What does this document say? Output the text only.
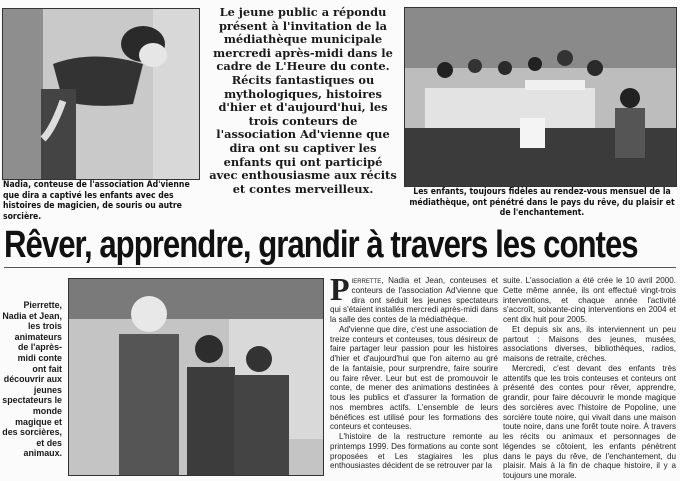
Nadia, conteuse de l'association Ad'vienne que dira a captivé les enfants avec des histoires de magicien, de souris ou autre sorcière.

Le jeune public a répondu présent à l'invitation de la médiathèque municipale mercredi après-midi dans le cadre de L'Heure du conte. Récits fantastiques ou mythologiques, histoires d'hier et d'aujourd'hui, les trois conteurs de l'association Ad'vienne que dira ont su captiver les enfants qui ont participé avec enthousiasme aux récits et contes merveilleux.	Les enfants, toujours fidèles au rendez-vous mensuel de la médiathèque, ont pénétré dans le pays du rêve, du plaisir et de l'enchantement.
Rêver, apprendre, grandir à travers les contes

Pierrette, Nadia et Jean, les trois animateurs de l'après-midi conte ont fait découvrir aux jeunes spectateurs le monde magique et des sorcières, et des animaux.

Pierrette, Nadia et Jean, conteuses et conteurs de l'association Ad'vienne que dira ont séduit les jeunes spectateurs qui s'étaient installés mercredi après-midi dans la salle des contes de la médiathèque.

Ad'vienne que dire, c'est une association de treize conteurs et conteuses, tous désireux de faire partager leur passion pour les histoires d'hier et d'aujourd'hui que l'on aiterno au gré de la fantaisie, pour surprendre, faire sourire ou faire rêver. Leur but est de promouvoir le conte, de mener des animations destinées à tous les publics et d'assurer la formation de nos membres actifs. L'ensemble de leurs bénéfices est utilisé pour les formations des conteurs et conteuses.

L'histoire de la restructure remonte au printemps 1999. Des formations au conte sont proposées et Les stagiaires les plus enthousiastes décident de se retrouver par la

suite. L'association a été crée le 10 avril 2000. Cette même année, ils ont effectué vingt-trois interventions, et chaque année l'activité s'accroît, soixante-cinq interventions en 2004 et cent dix huit pour 2005.

Et depuis six ans, ils interviennent un peu partout : Maisons des jeunes, musées, associations diverses, bibliothèques, radios, maisons de retraite, crèches.

Mercredi, c'est devant des enfants très attentifs que les trois conteuses et conteurs ont présenté des contes pour rêver, apprendre, grandir, pour faire découvrir le monde magique des sorcières avec l'histoire de Popoline, une sorcière toute noire, qui vivait dans une maison toute noire, dans une forêt toute noire. À travers les récits ou animaux et personnages de légendes se côtoient, les enfants pénètrent dans le pays du rêve, de l'enchantement, du plaisir. Mais à la fin de chaque histoire, il y a toujours une morale.
